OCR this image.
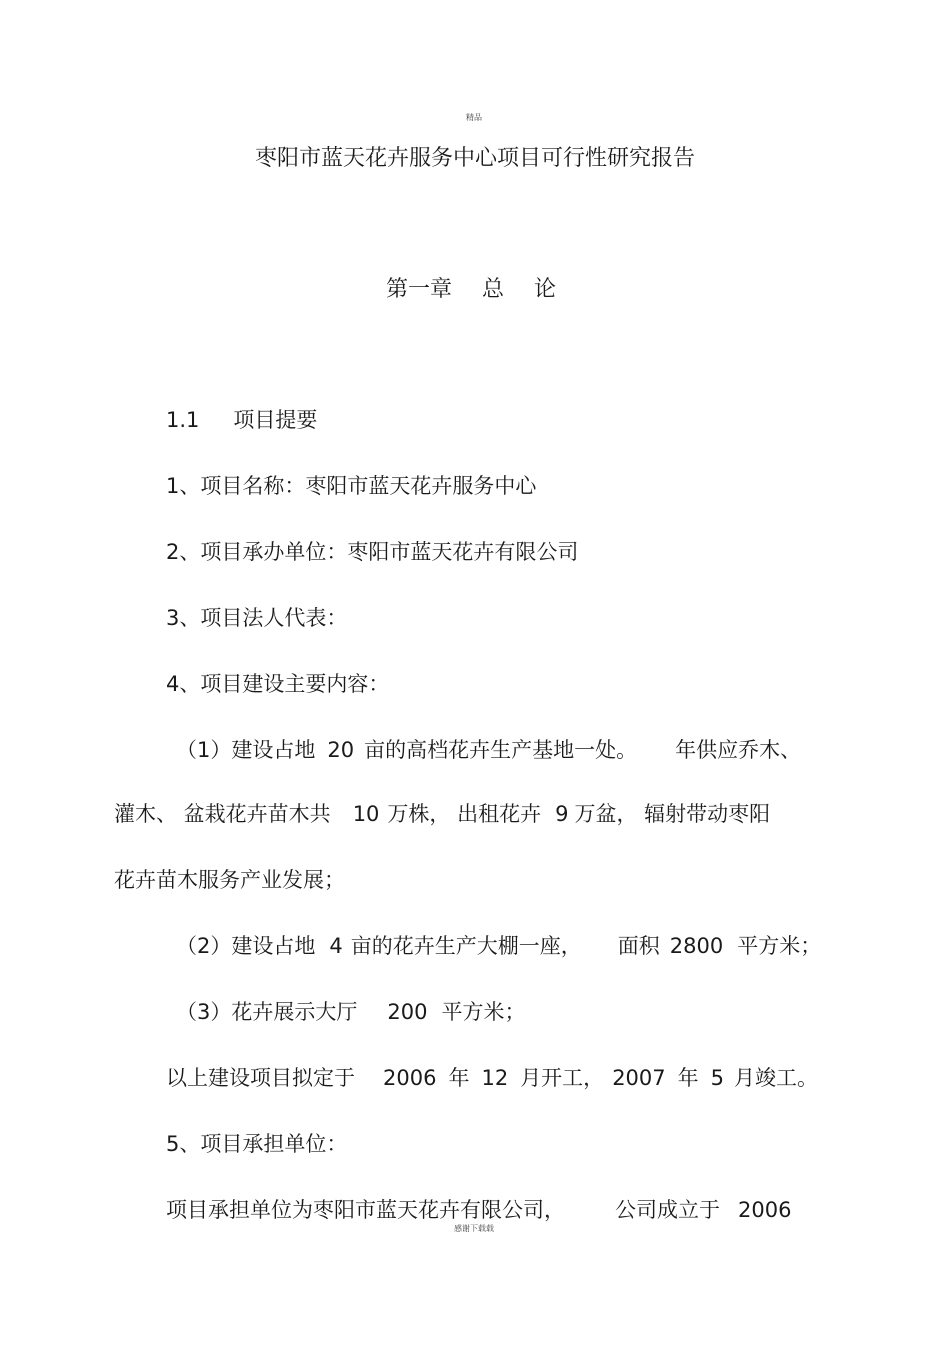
精品
枣阳市蓝天花卉服务中心项目可行性研究报告
第一章 总 论
1.1 项目提要
1、项目名称：枣阳市蓝天花卉服务中心
2、项目承办单位：枣阳市蓝天花卉有限公司
3、项目法人代表：
4、项目建设主要内容：
（1）建设占地 20 亩的高档花卉生产基地一处。 年供应乔木、
灌木、 盆栽花卉苗木共 10 万株， 出租花卉 9 万盆， 辐射带动枣阳
花卉苗木服务产业发展；
（2）建设占地 4 亩的花卉生产大棚一座， 面积 2800 平方米；
（3）花卉展示大厅 200 平方米；
以上建设项目拟定于 2006 年 12 月开工， 2007 年 5 月竣工。
5、项目承担单位：
项目承担单位为枣阳市蓝天花卉有限公司， 公司成立于 2006
感谢下载载
